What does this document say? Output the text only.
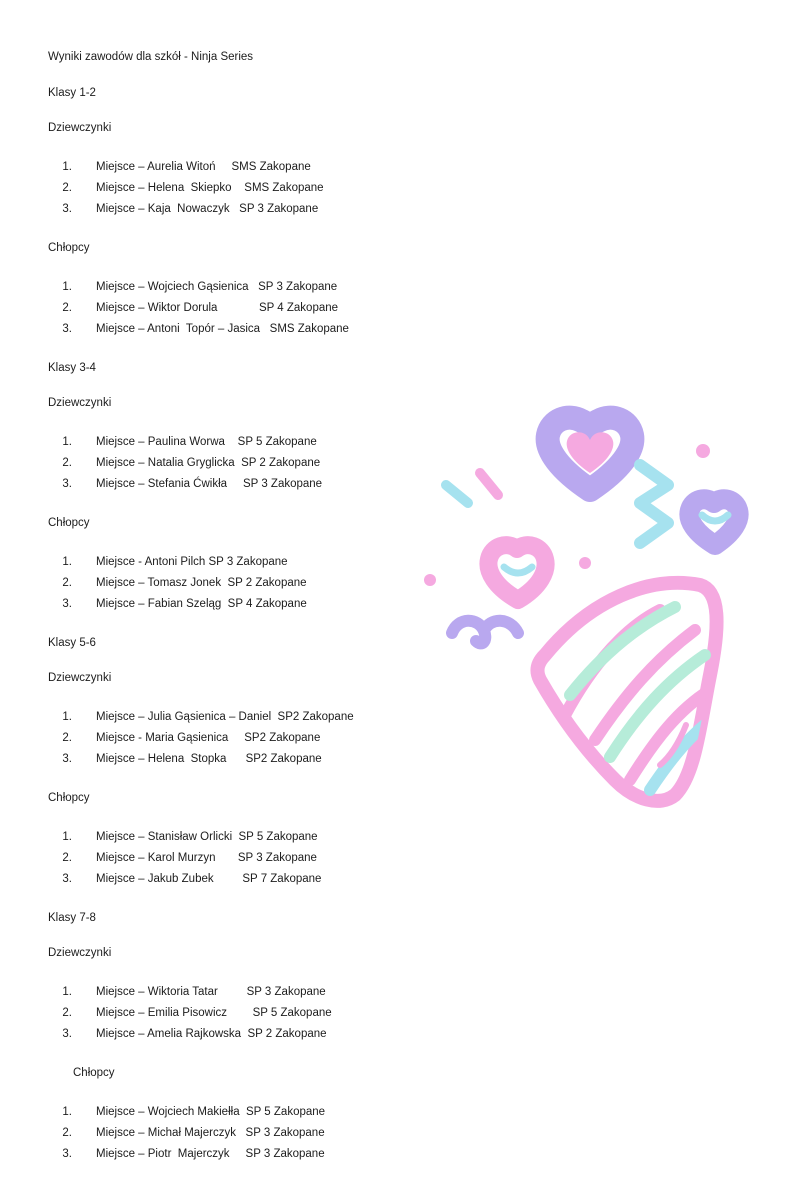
Wyniki zawodów dla szkół - Ninja Series
Klasy 1-2
Dziewczynki
1. Miejsce – Aurelia Witoń     SMS Zakopane
2. Miejsce – Helena  Skiepko    SMS Zakopane
3. Miejsce – Kaja  Nowaczyk   SP 3 Zakopane
Chłopcy
1. Miejsce – Wojciech Gąsienica   SP 3 Zakopane
2. Miejsce – Wiktor Dorula             SP 4 Zakopane
3. Miejsce – Antoni  Topór – Jasica   SMS Zakopane
Klasy 3-4
Dziewczynki
1. Miejsce – Paulina Worwa    SP 5 Zakopane
2. Miejsce – Natalia Gryglicka  SP 2 Zakopane
3. Miejsce – Stefania Ćwikła     SP 3 Zakopane
Chłopcy
1. Miejsce - Antoni Pilch SP 3 Zakopane
2. Miejsce – Tomasz Jonek  SP 2 Zakopane
3. Miejsce – Fabian Szeląg  SP 4 Zakopane
Klasy 5-6
Dziewczynki
1. Miejsce – Julia Gąsienica – Daniel  SP2 Zakopane
2. Miejsce - Maria Gąsienica     SP2 Zakopane
3. Miejsce – Helena  Stopka      SP2 Zakopane
Chłopcy
1. Miejsce – Stanisław Orlicki  SP 5 Zakopane
2. Miejsce – Karol Murzyn       SP 3 Zakopane
3. Miejsce – Jakub Zubek         SP 7 Zakopane
Klasy 7-8
Dziewczynki
1. Miejsce – Wiktoria Tatar         SP 3 Zakopane
2. Miejsce – Emilia Pisowicz        SP 5 Zakopane
3. Miejsce – Amelia Rajkowska  SP 2 Zakopane
Chłopcy
1. Miejsce – Wojciech Makiełła  SP 5 Zakopane
2. Miejsce – Michał Majerczyk   SP 3 Zakopane
3. Miejsce – Piotr  Majerczyk     SP 3 Zakopane
